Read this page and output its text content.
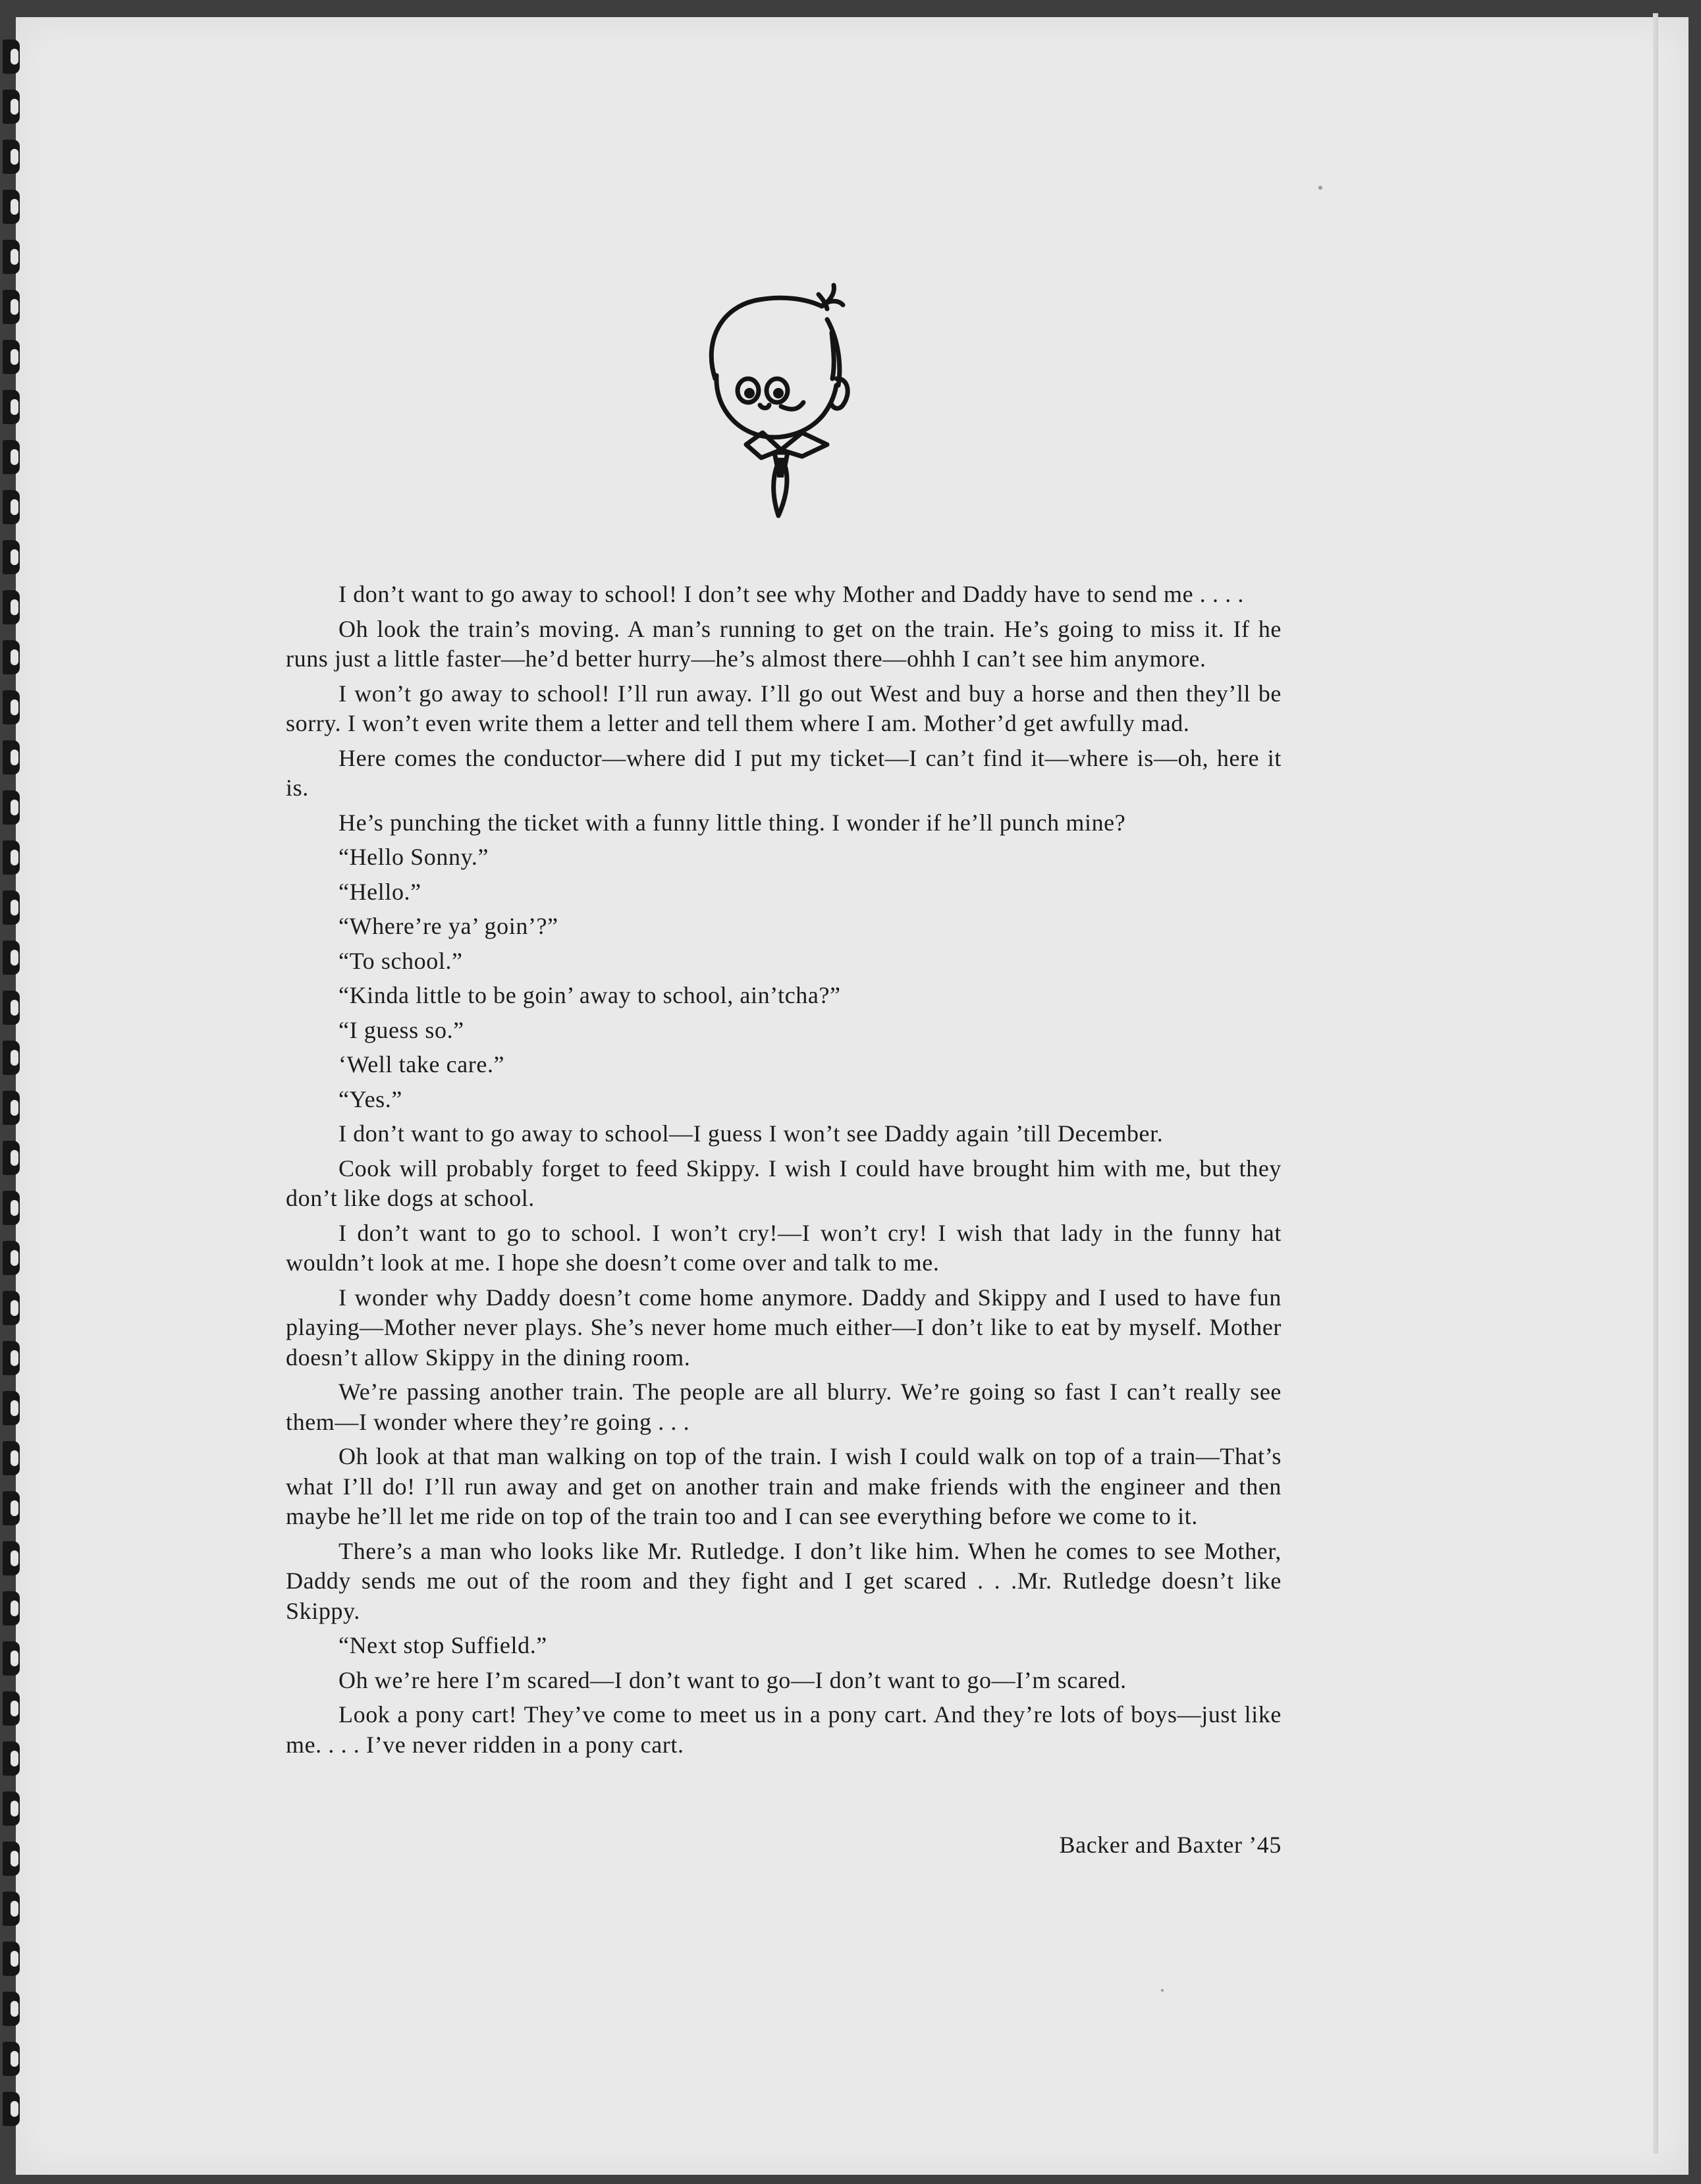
I don’t want to go away to school! I don’t see why Mother and Daddy have to send me . . . .

Oh look the train’s moving. A man’s running to get on the train. He’s going to miss it. If he runs just a little faster—he’d better hurry—he’s almost there—ohhh I can’t see him anymore.

I won’t go away to school! I’ll run away. I’ll go out West and buy a horse and then they’ll be sorry. I won’t even write them a letter and tell them where I am. Mother’d get awfully mad.

Here comes the conductor—where did I put my ticket—I can’t find it—where is—oh, here it is.

He’s punching the ticket with a funny little thing. I wonder if he’ll punch mine?

“Hello Sonny.”

“Hello.”

“Where’re ya’ goin’?”

“To school.”

“Kinda little to be goin’ away to school, ain’tcha?”

“I guess so.”

‘Well take care.”

“Yes.”

I don’t want to go away to school—I guess I won’t see Daddy again ’till December.

Cook will probably forget to feed Skippy. I wish I could have brought him with me, but they don’t like dogs at school.

I don’t want to go to school. I won’t cry!—I won’t cry! I wish that lady in the funny hat wouldn’t look at me. I hope she doesn’t come over and talk to me.

I wonder why Daddy doesn’t come home anymore. Daddy and Skippy and I used to have fun playing—Mother never plays. She’s never home much either—I don’t like to eat by myself. Mother doesn’t allow Skippy in the dining room.

We’re passing another train. The people are all blurry. We’re going so fast I can’t really see them—I wonder where they’re going . . .

Oh look at that man walking on top of the train. I wish I could walk on top of a train—That’s what I’ll do! I’ll run away and get on another train and make friends with the engineer and then maybe he’ll let me ride on top of the train too and I can see everything before we come to it.

There’s a man who looks like Mr. Rutledge. I don’t like him. When he comes to see Mother, Daddy sends me out of the room and they fight and I get scared . . .Mr. Rutledge doesn’t like Skippy.

“Next stop Suffield.”

Oh we’re here I’m scared—I don’t want to go—I don’t want to go—I’m scared.

Look a pony cart! They’ve come to meet us in a pony cart. And they’re lots of boys—just like me. . . . I’ve never ridden in a pony cart.

Backer and Baxter ’45
